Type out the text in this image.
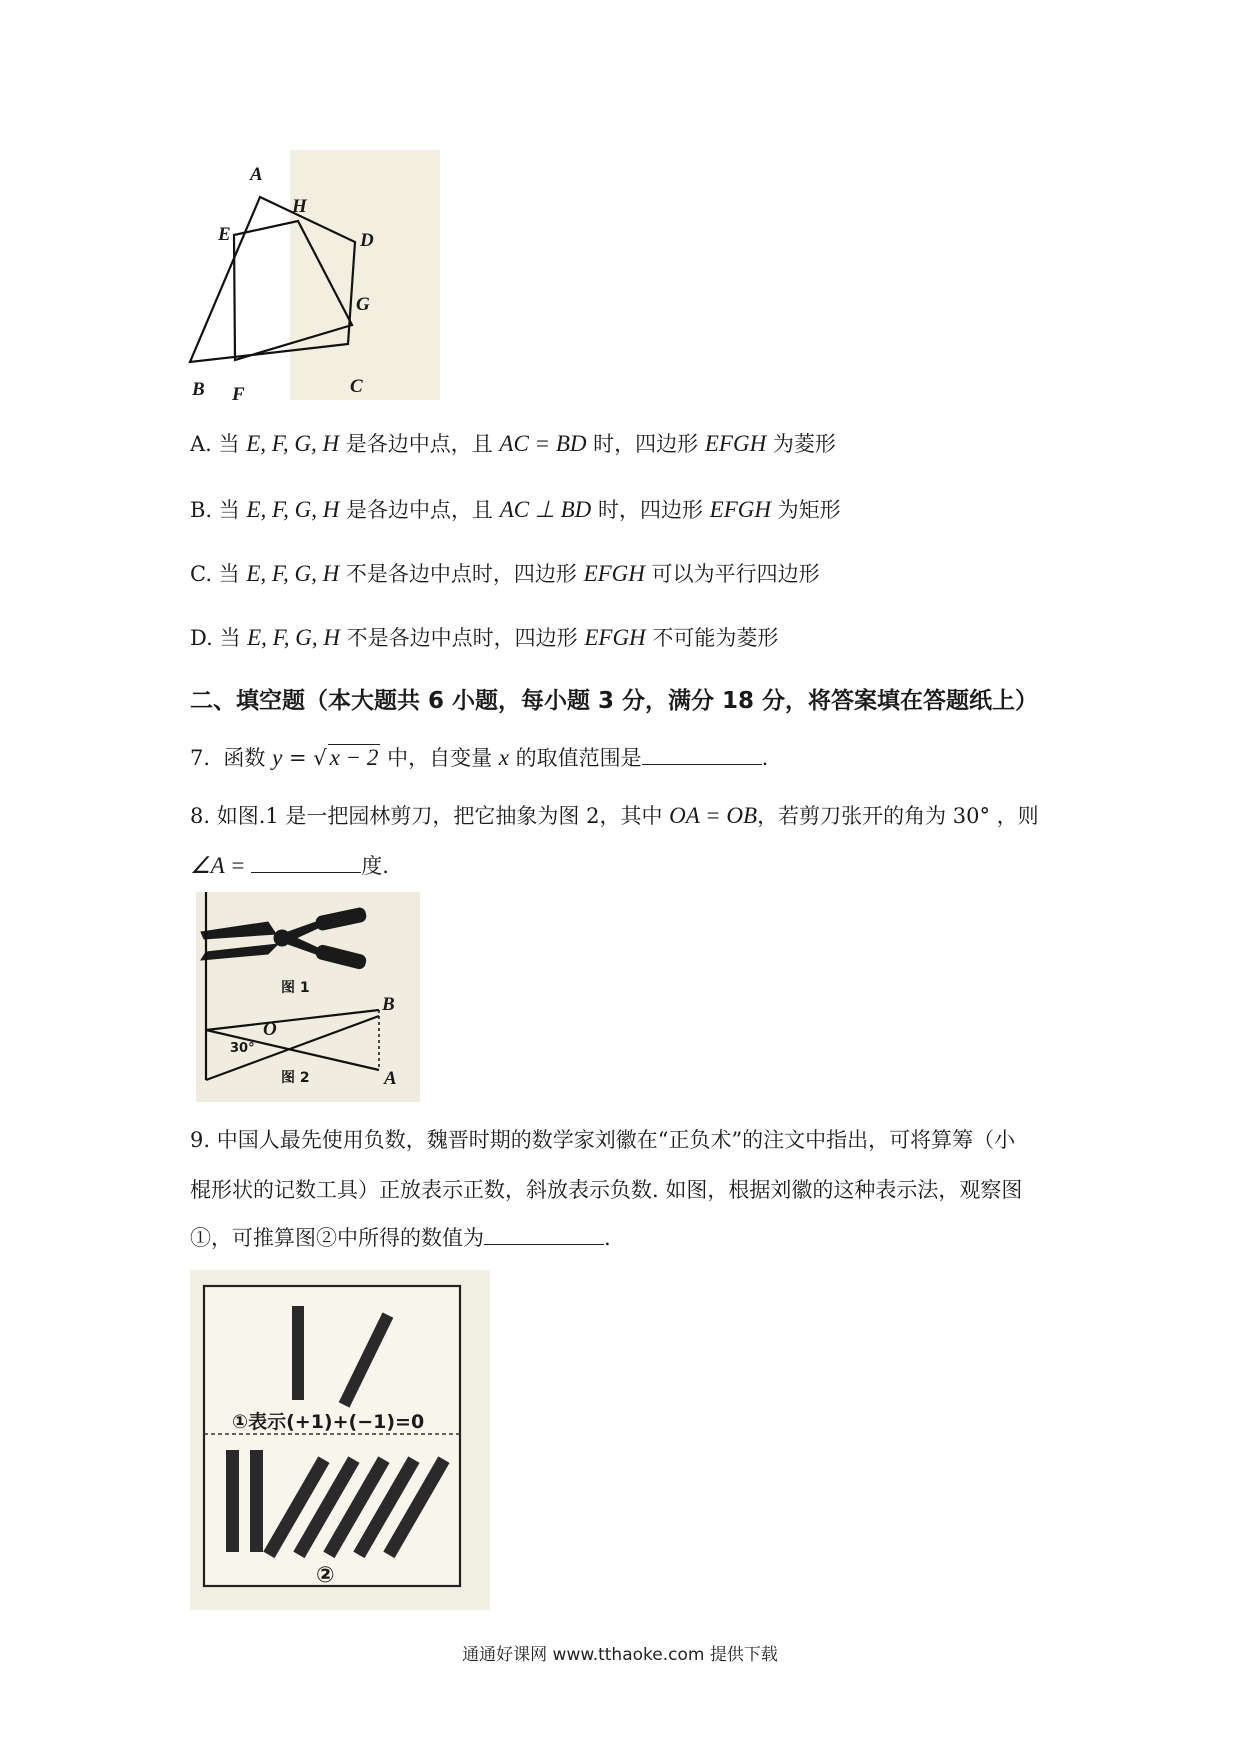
A
H
E	D
G
B F	C
A. 当 E, F, G, H 是各边中点，且 AC = BD 时，四边形 EFGH 为菱形
B. 当 E, F, G, H 是各边中点，且 AC ⊥ BD 时，四边形 EFGH 为矩形
C. 当 E, F, G, H 不是各边中点时，四边形 EFGH 可以为平行四边形
D. 当 E, F, G, H 不是各边中点时，四边形 EFGH 不可能为菱形
二、填空题（本大题共 6 小题，每小题 3 分，满分 18 分，将答案填在答题纸上）
7. 函数 y = √ x − 2 中，自变量 x 的取值范围是	.
8. 如图.1 是一把园林剪刀，把它抽象为图 2，其中 OA = OB，若剪刀张开的角为 30° ，则
∠A =	度.
图 1
O
B
A
30°
图 2
9. 中国人最先使用负数，魏晋时期的数学家刘徽在“正负术”的注文中指出，可将算筹（小
棍形状的记数工具）正放表示正数，斜放表示负数. 如图，根据刘徽的这种表示法，观察图
①，可推算图②中所得的数值为	.
①表示(+1)+(−1)=0
②
通通好课网 www.tthaoke.com 提供下载
